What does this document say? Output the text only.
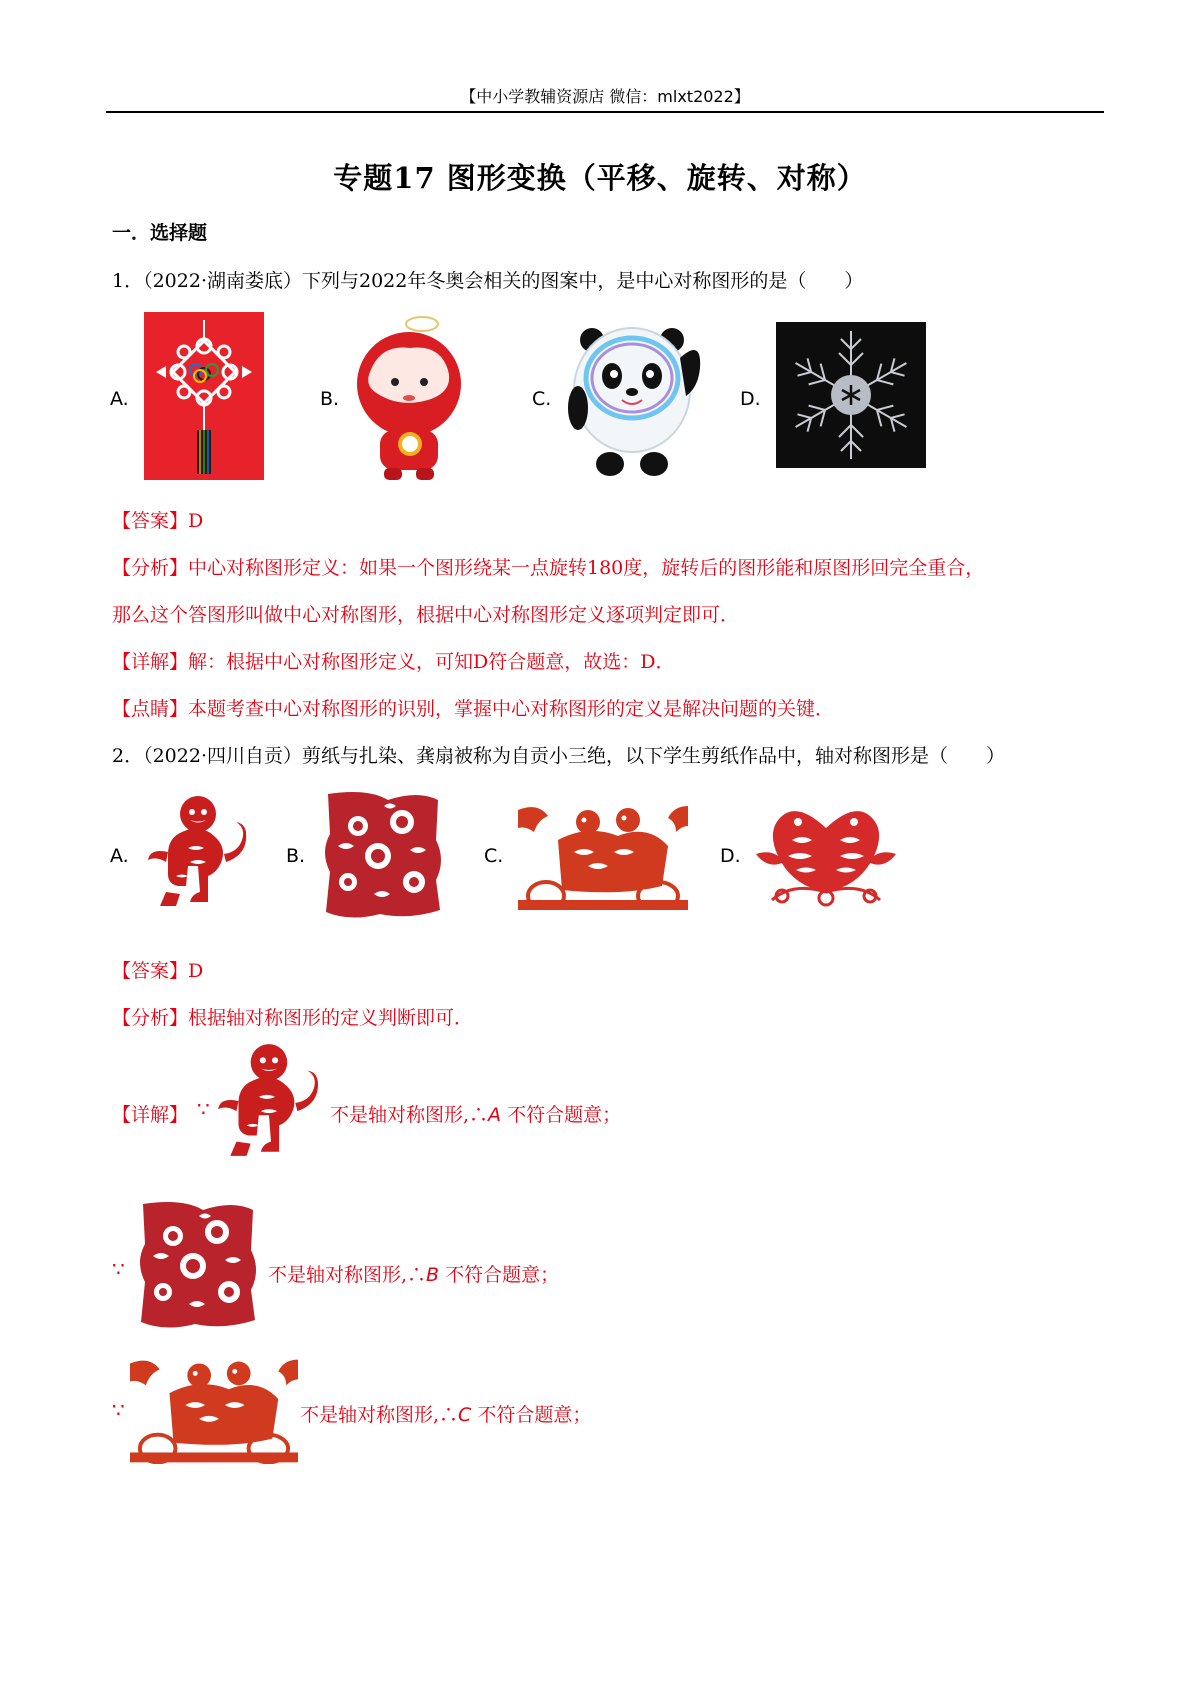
【中小学教辅资源店 微信：mlxt2022】
专题17 图形变换（平移、旋转、对称）
一．选择题
1．（2022·湖南娄底）下列与2022年冬奥会相关的图案中，是中心对称图形的是（　　）
A.	B.	C.	D.
【答案】D
【分析】中心对称图形定义：如果一个图形绕某一点旋转180度，旋转后的图形能和原图形回完全重合，
那么这个答图形叫做中心对称图形，根据中心对称图形定义逐项判定即可．
【详解】解：根据中心对称图形定义，可知D符合题意，故选：D．
【点睛】本题考查中心对称图形的识别，掌握中心对称图形的定义是解决问题的关键．
2．（2022·四川自贡）剪纸与扎染、龚扇被称为自贡小三绝，以下学生剪纸作品中，轴对称图形是（　　）
A.	B.	C.	D.
【答案】D
【分析】根据轴对称图形的定义判断即可．
【详解】 ∵	不是轴对称图形,∴A 不符合题意；
∵	不是轴对称图形,∴B 不符合题意；
∵	不是轴对称图形,∴C 不符合题意；
